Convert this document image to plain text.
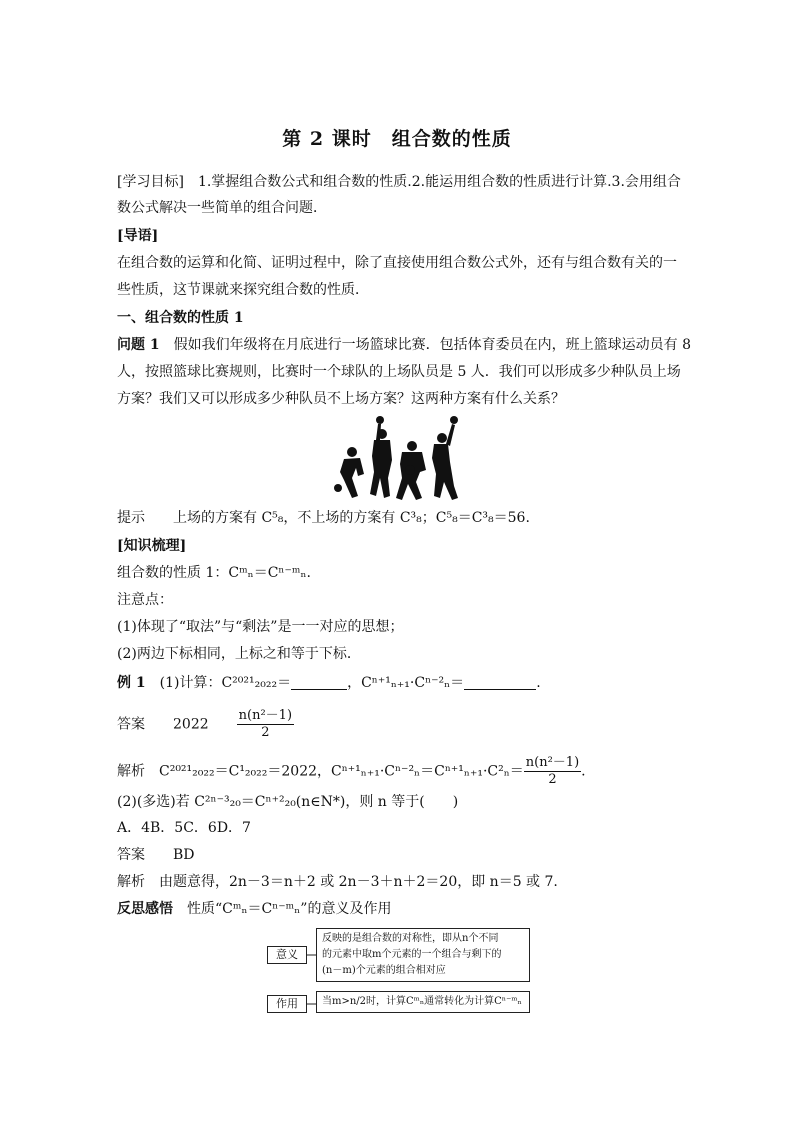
第 2 课时　组合数的性质
[学习目标] 1.掌握组合数公式和组合数的性质.2.能运用组合数的性质进行计算.3.会用组合
数公式解决一些简单的组合问题．
[导语]
在组合数的运算和化简、证明过程中，除了直接使用组合数公式外，还有与组合数有关的一
些性质，这节课就来探究组合数的性质．
一、组合数的性质 1
问题 1 假如我们年级将在月底进行一场篮球比赛．包括体育委员在内，班上篮球运动员有 8
人，按照篮球比赛规则，比赛时一个球队的上场队员是 5 人．我们可以形成多少种队员上场
方案？我们又可以形成多少种队员不上场方案？这两种方案有什么关系？
提示 上场的方案有 C⁵₈，不上场的方案有 C³₈；C⁵₈＝C³₈＝56.
[知识梳理]
组合数的性质 1：Cᵐₙ＝Cⁿ⁻ᵐₙ.
注意点：
(1)体现了“取法”与“剩法”是一一对应的思想；
(2)两边下标相同，上标之和等于下标．
例 1 (1)计算：C²⁰²¹₂₀₂₂＝	，Cⁿ⁺¹ₙ₊₁·Cⁿ⁻²ₙ＝	.
答案 $2022 \frac{\text{n(n²－1)}}{2}$
解析 C²⁰²¹₂₀₂₂＝C¹₂₀₂₂＝2022，$C^{n+1}_{n+1}\cdot C^{n-2}_n=C^{n+1}_{n+1}\cdot C^2_n= \frac{\text{n(n²－1)}}{2}$ .
(2)(多选)若 C²ⁿ⁻³₂₀＝Cⁿ⁺²₂₀(n∈N*)，则 n 等于(　　)
A．4B．5C．6D．7
答案 BD
解析 由题意得，2n－3＝n＋2 或 2n－3＋n＋2＝20，即 n＝5 或 7.
反思感悟 性质“Cᵐₙ＝Cⁿ⁻ᵐₙ”的意义及作用
意义
反映的是组合数的对称性，即从n个不同
的元素中取m个元素的一个组合与剩下的
(n－m)个元素的组合相对应
作用	当m>n/2时，计算Cᵐₙ通常转化为计算Cⁿ⁻ᵐₙ
